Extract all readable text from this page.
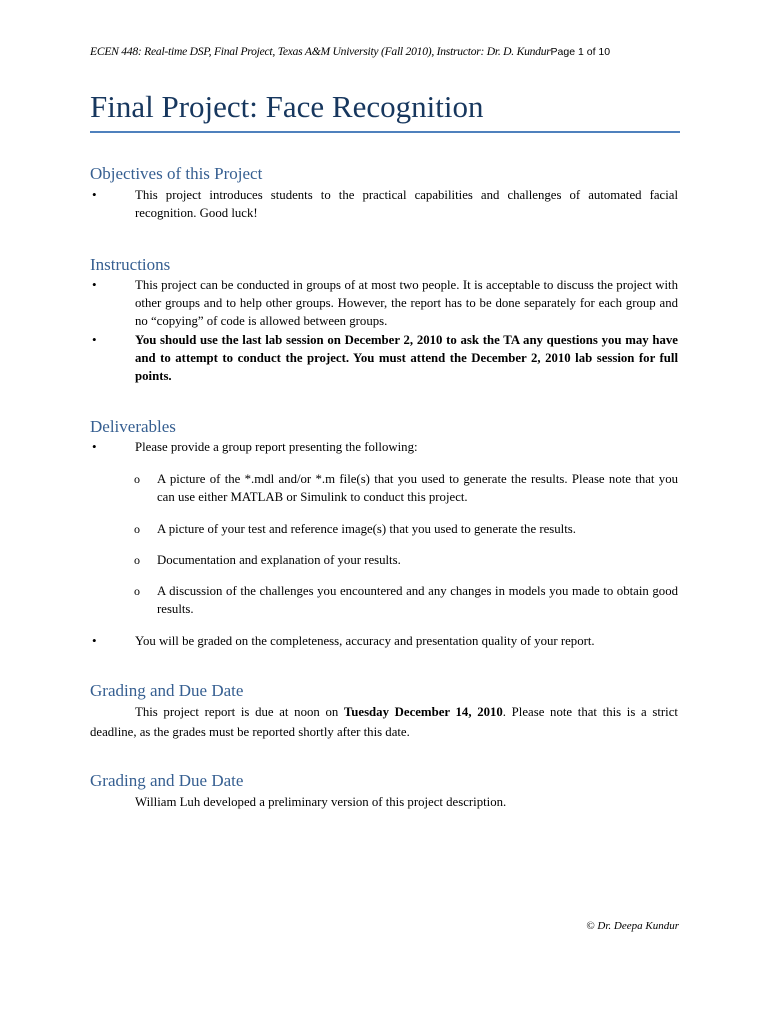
ECEN 448: Real-time DSP, Final Project, Texas A&M University (Fall 2010), Instructor: Dr. D. KundurPage 1 of 10
Final Project: Face Recognition
Objectives of this Project
•	This project introduces students to the practical capabilities and challenges of automated facial recognition. Good luck!
Instructions
•	This project can be conducted in groups of at most two people. It is acceptable to discuss the project with other groups and to help other groups. However, the report has to be done separately for each group and no “copying” of code is allowed between groups.
•	You should use the last lab session on December 2, 2010 to ask the TA any questions you may have and to attempt to conduct the project. You must attend the December 2, 2010 lab session for full points.
Deliverables
•	Please provide a group report presenting the following:
o A picture of the *.mdl and/or *.m file(s) that you used to generate the results. Please note that you can use either MATLAB or Simulink to conduct this project.
o A picture of your test and reference image(s) that you used to generate the results.
o Documentation and explanation of your results.
o A discussion of the challenges you encountered and any changes in models you made to obtain good results.
•	You will be graded on the completeness, accuracy and presentation quality of your report.
Grading and Due Date
This project report is due at noon on Tuesday December 14, 2010. Please note that this is a strict deadline, as the grades must be reported shortly after this date.
Grading and Due Date
William Luh developed a preliminary version of this project description.
© Dr. Deepa Kundur
